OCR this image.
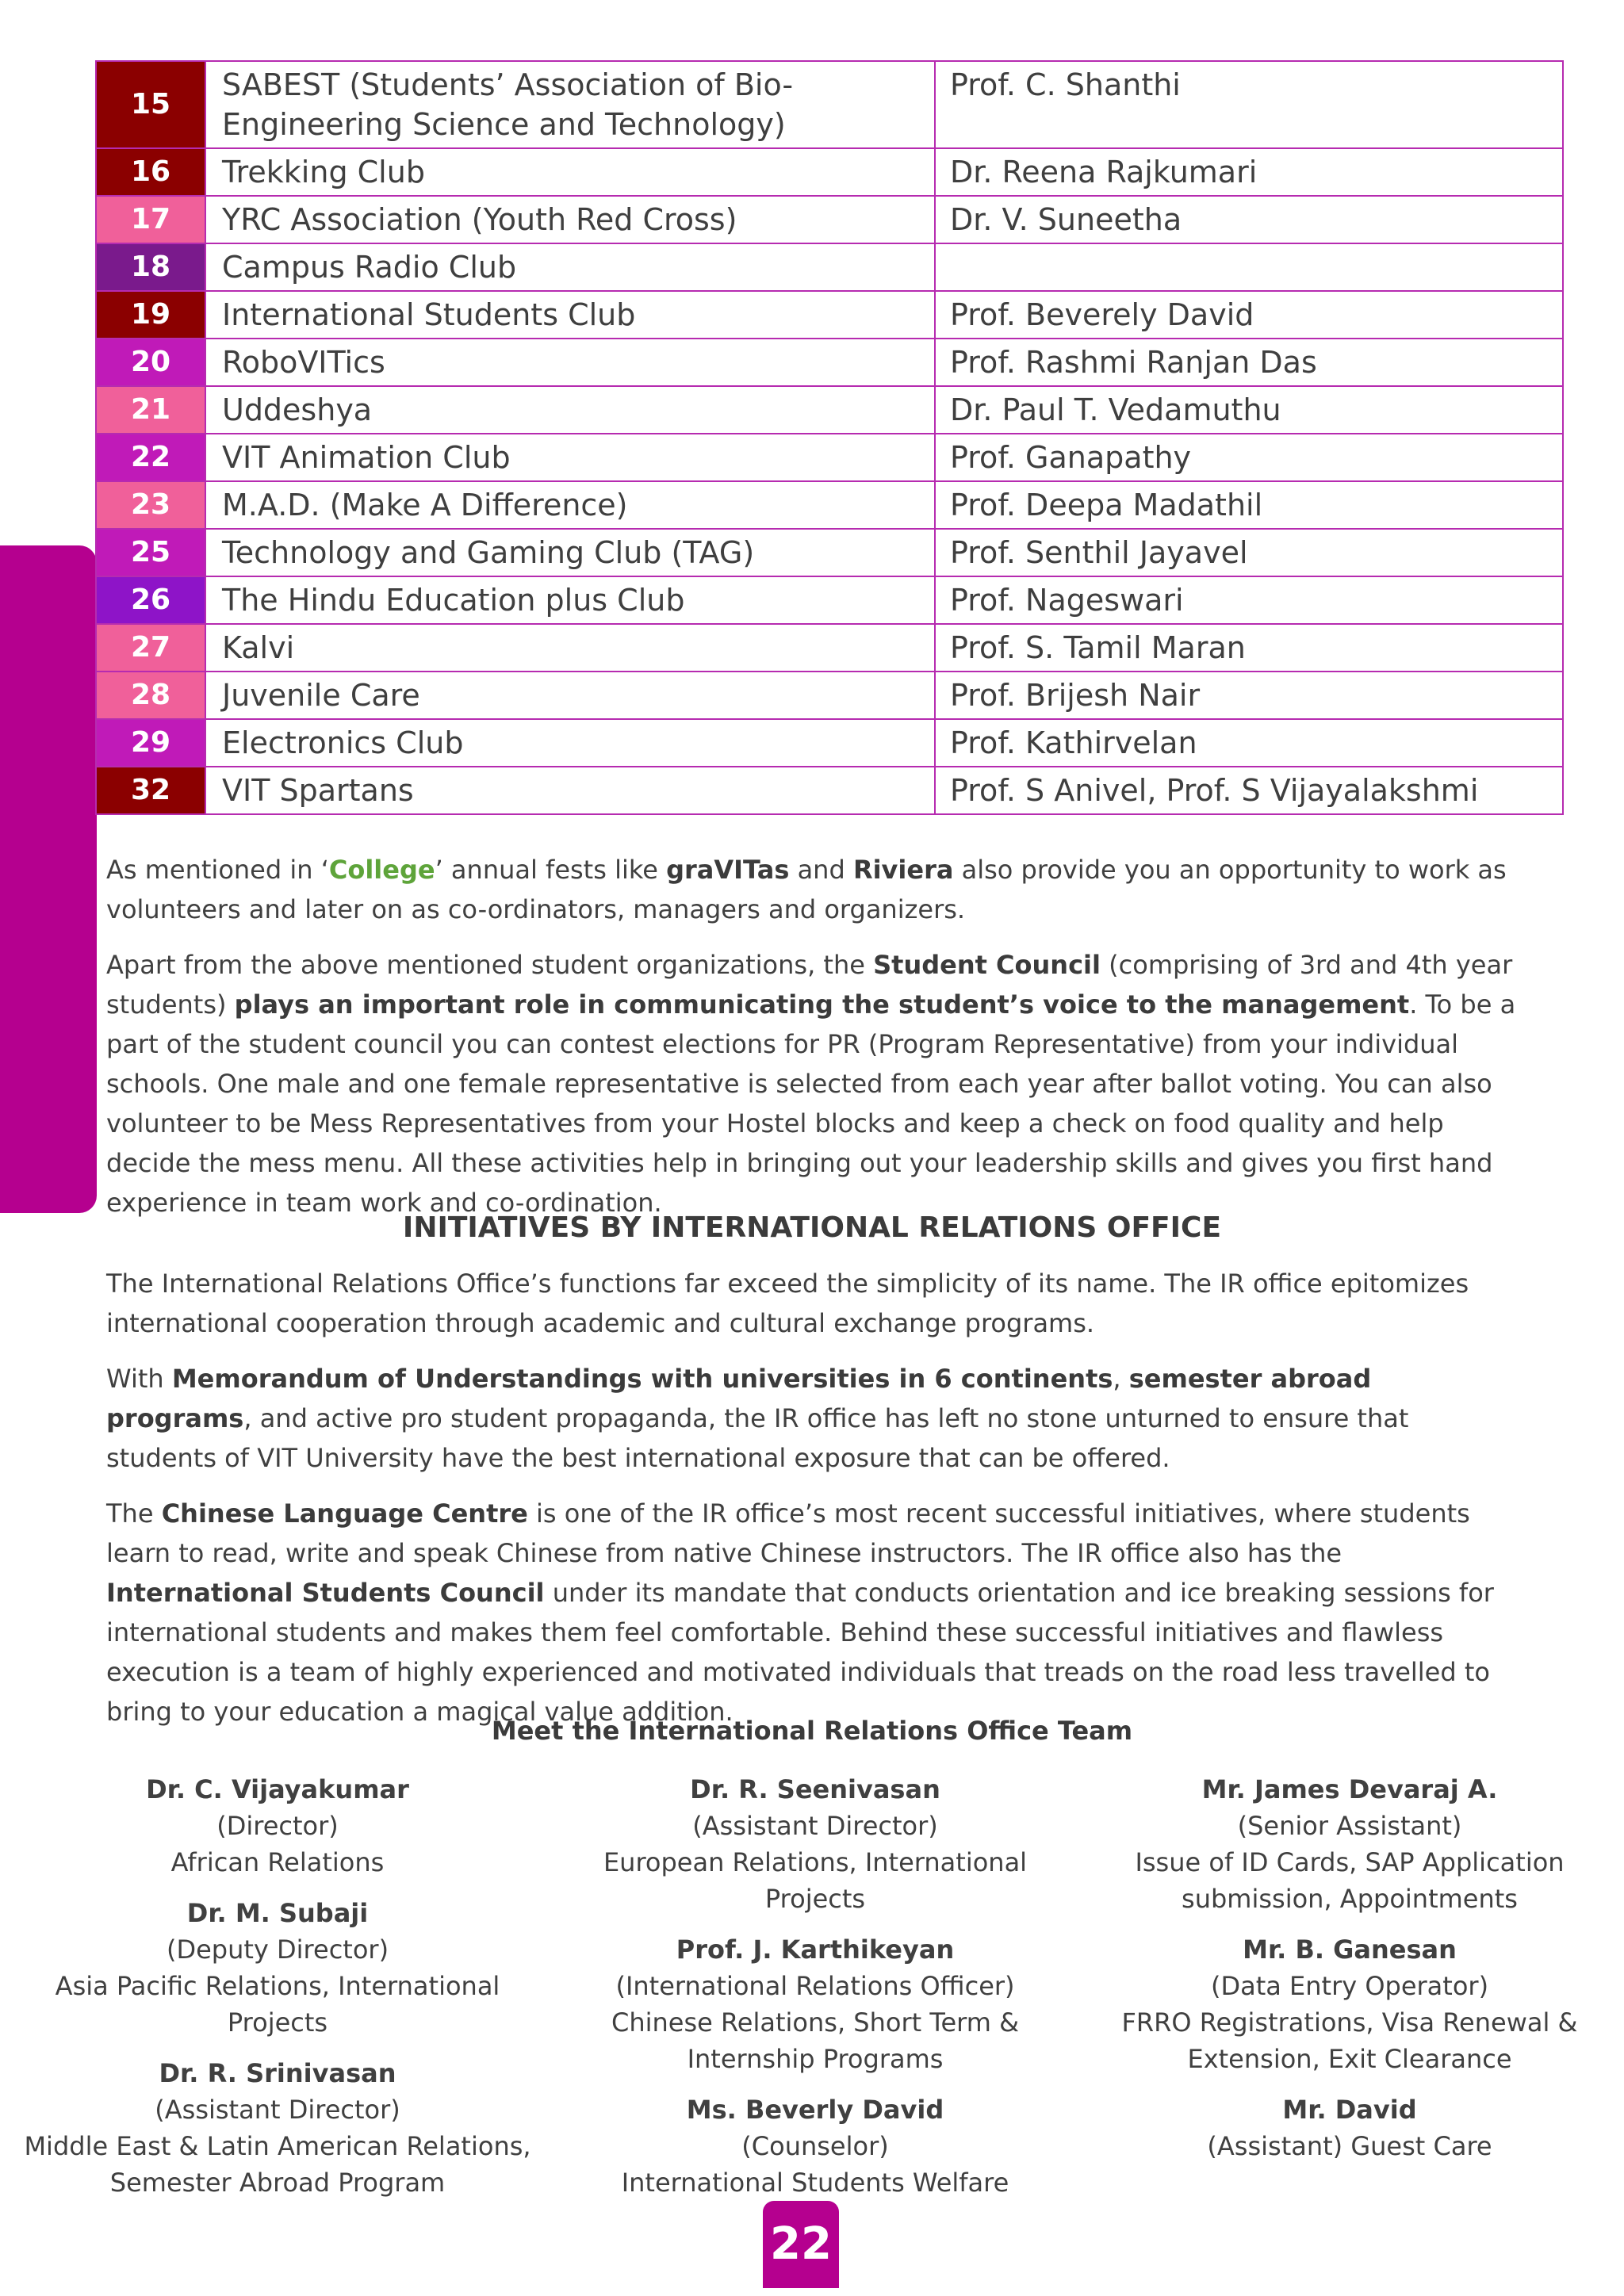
15	SABEST (Students’ Association of Bio-Engineering Science and Technology)	Prof. C. Shanthi
16	Trekking Club	Dr. Reena Rajkumari
17	YRC Association (Youth Red Cross)	Dr. V. Suneetha
18	Campus Radio Club	
19	International Students Club	Prof. Beverely David
20	RoboVITics	Prof. Rashmi Ranjan Das
21	Uddeshya	Dr. Paul T. Vedamuthu
22	VIT Animation Club	Prof. Ganapathy
23	M.A.D. (Make A Difference)	Prof. Deepa Madathil
25	Technology and Gaming Club (TAG)	Prof. Senthil Jayavel
26	The Hindu Education plus Club	Prof. Nageswari
27	Kalvi	Prof. S. Tamil Maran
28	Juvenile Care	Prof. Brijesh Nair
29	Electronics Club	Prof. Kathirvelan
32	VIT Spartans	Prof. S Anivel, Prof. S Vijayalakshmi

As mentioned in ‘College’ annual fests like graVITas and Riviera also provide you an opportunity to work as volunteers and later on as co-ordinators, managers and organizers.

Apart from the above mentioned student organizations, the Student Council (comprising of 3rd and 4th year students) plays an important role in communicating the student’s voice to the management. To be a part of the student council you can contest elections for PR (Program Representative) from your individual schools. One male and one female representative is selected from each year after ballot voting. You can also volunteer to be Mess Representatives from your Hostel blocks and keep a check on food quality and help decide the mess menu. All these activities help in bringing out your leadership skills and gives you first hand experience in team work and co-ordination.

INITIATIVES BY INTERNATIONAL RELATIONS OFFICE

The International Relations Office’s functions far exceed the simplicity of its name. The IR office epitomizes international cooperation through academic and cultural exchange programs.

With Memorandum of Understandings with universities in 6 continents, semester abroad programs, and active pro student propaganda, the IR office has left no stone unturned to ensure that students of VIT University have the best international exposure that can be offered.

The Chinese Language Centre is one of the IR office’s most recent successful initiatives, where students learn to read, write and speak Chinese from native Chinese instructors. The IR office also has the International Students Council under its mandate that conducts orientation and ice breaking sessions for international students and makes them feel comfortable. Behind these successful initiatives and flawless execution is a team of highly experienced and motivated individuals that treads on the road less travelled to bring to your education a magical value addition.

Meet the International Relations Office Team
Dr. C. Vijayakumar
(Director)
African Relations
Dr. M. Subaji
(Deputy Director)
Asia Pacific Relations, International Projects
Dr. R. Srinivasan
(Assistant Director)
Middle East & Latin American Relations, Semester Abroad Program
Dr. R. Seenivasan
(Assistant Director)
European Relations, International Projects
Prof. J. Karthikeyan
(International Relations Officer)
Chinese Relations, Short Term & Internship Programs
Ms. Beverly David
(Counselor)
International Students Welfare
Mr. James Devaraj A.
(Senior Assistant)
Issue of ID Cards, SAP Application submission, Appointments
Mr. B. Ganesan
(Data Entry Operator)
FRRO Registrations, Visa Renewal & Extension, Exit Clearance
Mr. David
(Assistant) Guest Care
22
